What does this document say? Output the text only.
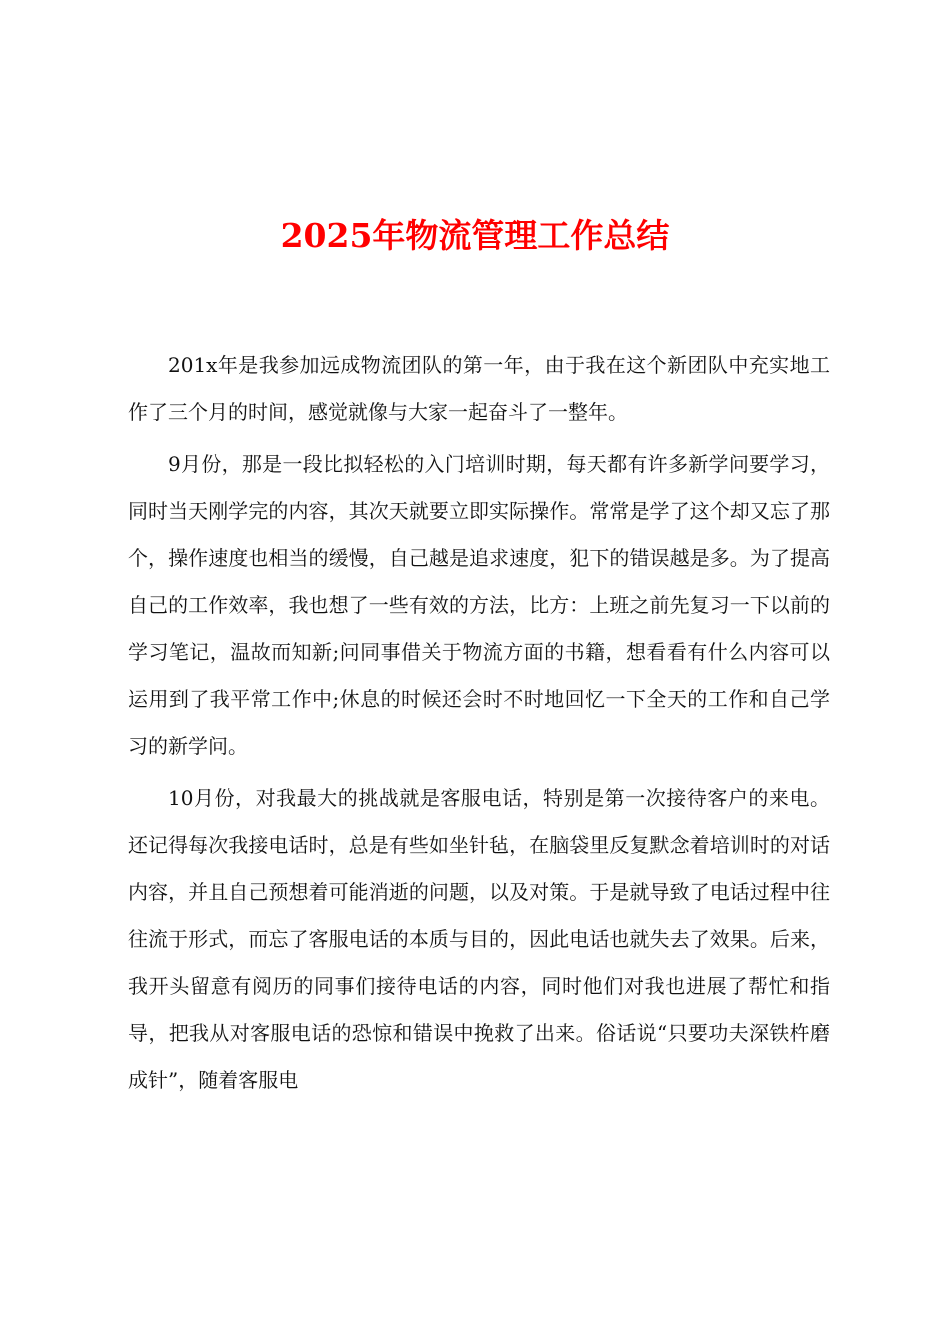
2025年物流管理工作总结

201x年是我参加远成物流团队的第一年，由于我在这个新团队中充实地工作了三个月的时间，感觉就像与大家一起奋斗了一整年。

9月份，那是一段比拟轻松的入门培训时期，每天都有许多新学问要学习，同时当天刚学完的内容，其次天就要立即实际操作。常常是学了这个却又忘了那个，操作速度也相当的缓慢，自己越是追求速度，犯下的错误越是多。为了提高自己的工作效率，我也想了一些有效的方法，比方：上班之前先复习一下以前的学习笔记，温故而知新;问同事借关于物流方面的书籍，想看看有什么内容可以运用到了我平常工作中;休息的时候还会时不时地回忆一下全天的工作和自己学习的新学问。

10月份，对我最大的挑战就是客服电话，特别是第一次接待客户的来电。还记得每次我接电话时，总是有些如坐针毡，在脑袋里反复默念着培训时的对话内容，并且自己预想着可能消逝的问题，以及对策。于是就导致了电话过程中往往流于形式，而忘了客服电话的本质与目的，因此电话也就失去了效果。后来，我开头留意有阅历的同事们接待电话的内容，同时他们对我也进展了帮忙和指导，把我从对客服电话的恐惊和错误中挽救了出来。俗话说“只要功夫深铁杵磨成针”，随着客服电
